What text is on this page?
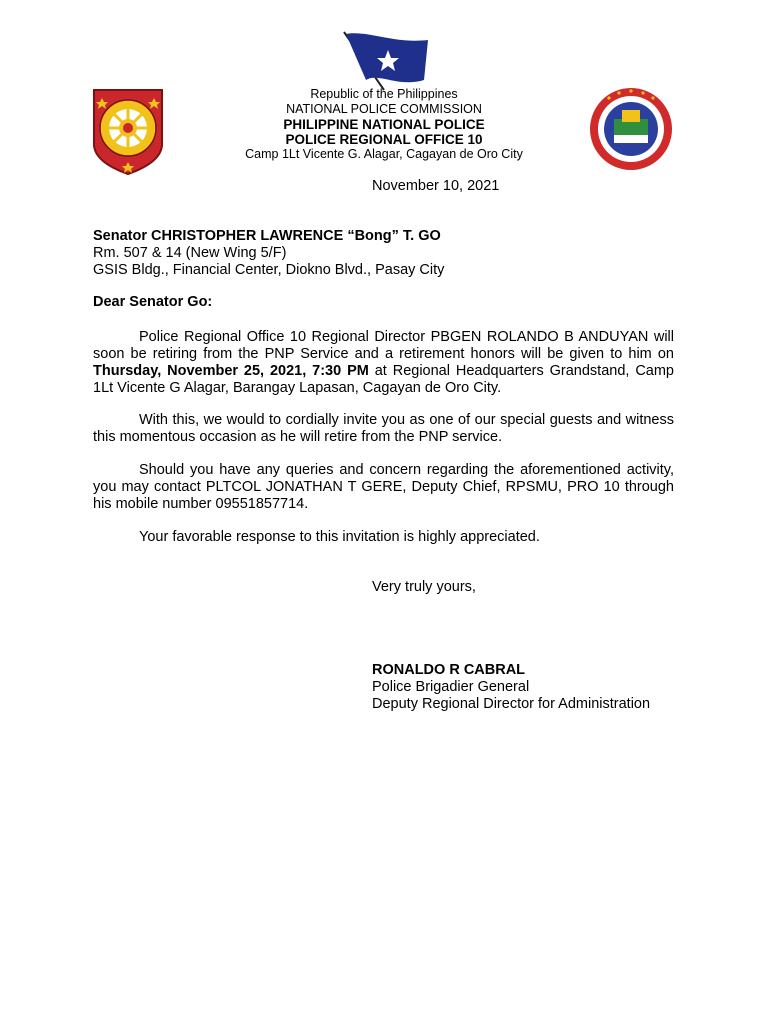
Republic of the Philippines
NATIONAL POLICE COMMISSION
PHILIPPINE NATIONAL POLICE
POLICE REGIONAL OFFICE 10
Camp 1Lt Vicente G. Alagar, Cagayan de Oro City
November 10, 2021
Senator CHRISTOPHER LAWRENCE “Bong” T. GO
Rm. 507 & 14 (New Wing 5/F)
GSIS Bldg., Financial Center, Diokno Blvd., Pasay City
Dear Senator Go:
Police Regional Office 10 Regional Director PBGEN ROLANDO B ANDUYAN will soon be retiring from the PNP Service and a retirement honors will be given to him on Thursday, November 25, 2021, 7:30 PM at Regional Headquarters Grandstand, Camp 1Lt Vicente G Alagar, Barangay Lapasan, Cagayan de Oro City.
With this, we would to cordially invite you as one of our special guests and witness this momentous occasion as he will retire from the PNP service.
Should you have any queries and concern regarding the aforementioned activity, you may contact PLTCOL JONATHAN T GERE, Deputy Chief, RPSMU, PRO 10 through his mobile number 09551857714.
Your favorable response to this invitation is highly appreciated.
Very truly yours,
RONALDO R CABRAL
Police Brigadier General
Deputy Regional Director for Administration
